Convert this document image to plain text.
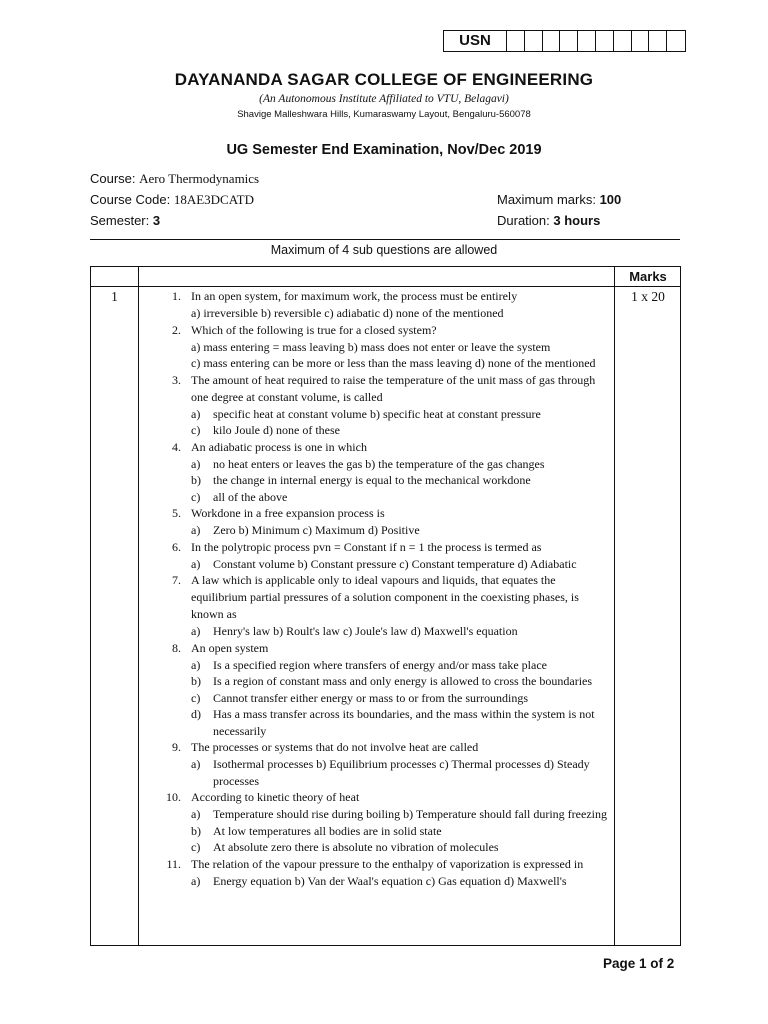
USN
DAYANANDA SAGAR COLLEGE OF ENGINEERING
(An Autonomous Institute Affiliated to VTU, Belagavi)
Shavige Malleshwara Hills, Kumaraswamy Layout, Bengaluru-560078
UG Semester End Examination, Nov/Dec 2019
Course: Aero Thermodynamics
Course Code: 18AE3DCATD
Semester: 3
Maximum marks: 100
Duration: 3 hours
Maximum of 4 sub questions are allowed
Marks
1	1 x 20
1. In an open system, for maximum work, the process must be entirely
a) irreversible b) reversible c) adiabatic d) none of the mentioned
2. Which of the following is true for a closed system?
a) mass entering = mass leaving b) mass does not enter or leave the system
c) mass entering can be more or less than the mass leaving d) none of the mentioned
3. The amount of heat required to raise the temperature of the unit mass of gas through one degree at constant volume, is called
a) specific heat at constant volume b) specific heat at constant pressure
c) kilo Joule d) none of these
4. An adiabatic process is one in which
a) no heat enters or leaves the gas b) the temperature of the gas changes
b) the change in internal energy is equal to the mechanical workdone
c) all of the above
5. Workdone in a free expansion process is
a) Zero b) Minimum c) Maximum d) Positive
6. In the polytropic process pvn = Constant if n = 1 the process is termed as
a) Constant volume b) Constant pressure c) Constant temperature d) Adiabatic
7. A law which is applicable only to ideal vapours and liquids, that equates the equilibrium partial pressures of a solution component in the coexisting phases, is known as
a) Henry's law b) Roult's law c) Joule's law d) Maxwell's equation
8. An open system
a) Is a specified region where transfers of energy and/or mass take place
b) Is a region of constant mass and only energy is allowed to cross the boundaries
c) Cannot transfer either energy or mass to or from the surroundings
d) Has a mass transfer across its boundaries, and the mass within the system is not necessarily
9. The processes or systems that do not involve heat are called
a) Isothermal processes b) Equilibrium processes c) Thermal processes d) Steady processes
10. According to kinetic theory of heat
a) Temperature should rise during boiling b) Temperature should fall during freezing
b) At low temperatures all bodies are in solid state
c) At absolute zero there is absolute no vibration of molecules
11. The relation of the vapour pressure to the enthalpy of vaporization is expressed in
a) Energy equation b) Van der Waal's equation c) Gas equation d) Maxwell's
Page 1 of 2
